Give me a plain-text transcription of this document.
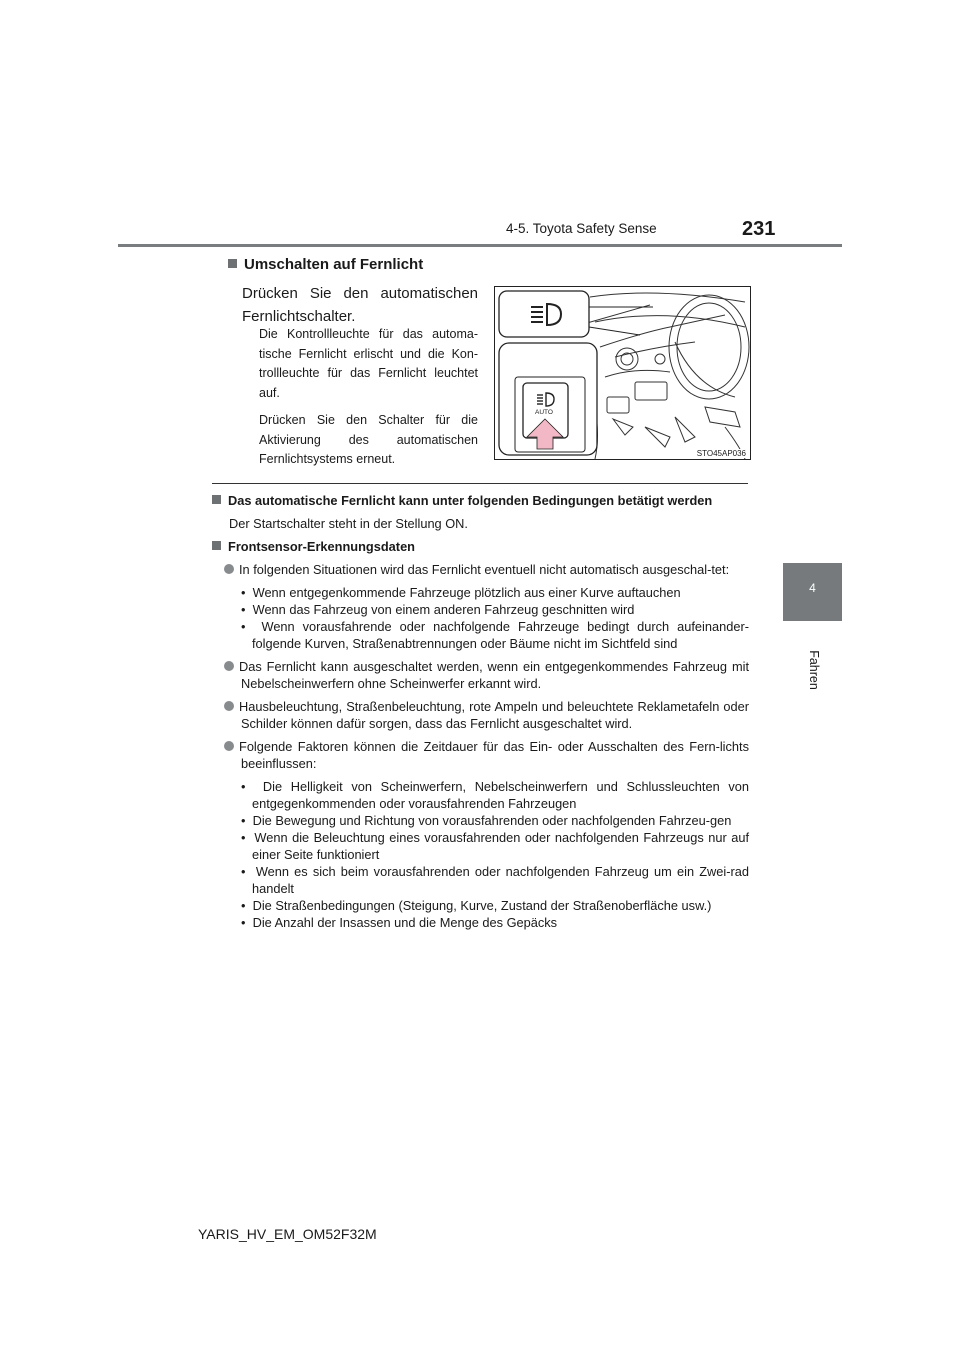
4-5. Toyota Safety Sense	231
4
Fahren
Umschalten auf Fernlicht
Drücken Sie den automatischen Fernlichtschalter.
Die Kontrollleuchte für das automa-tische Fernlicht erlischt und die Kon-trollleuchte für das Fernlicht leuchtet auf.
Drücken Sie den Schalter für die Aktivierung des automatischen Fernlichtsystems erneut.
AUTO
STO45AP036
Das automatische Fernlicht kann unter folgenden Bedingungen betätigt werden
Der Startschalter steht in der Stellung ON.
Frontsensor-Erkennungsdaten
In folgenden Situationen wird das Fernlicht eventuell nicht automatisch ausgeschal-tet:
•  Wenn entgegenkommende Fahrzeuge plötzlich aus einer Kurve auftauchen
•  Wenn das Fahrzeug von einem anderen Fahrzeug geschnitten wird
•  Wenn vorausfahrende oder nachfolgende Fahrzeuge bedingt durch aufeinander-folgende Kurven, Straßenabtrennungen oder Bäume nicht im Sichtfeld sind
Das Fernlicht kann ausgeschaltet werden, wenn ein entgegenkommendes Fahrzeug mit Nebelscheinwerfern ohne Scheinwerfer erkannt wird.
Hausbeleuchtung, Straßenbeleuchtung, rote Ampeln und beleuchtete Reklametafeln oder Schilder können dafür sorgen, dass das Fernlicht ausgeschaltet wird.
Folgende Faktoren können die Zeitdauer für das Ein- oder Ausschalten des Fern-lichts beeinflussen:
•  Die Helligkeit von Scheinwerfern, Nebelscheinwerfern und Schlussleuchten von entgegenkommenden oder vorausfahrenden Fahrzeugen
•  Die Bewegung und Richtung von vorausfahrenden oder nachfolgenden Fahrzeu-gen
•  Wenn die Beleuchtung eines vorausfahrenden oder nachfolgenden Fahrzeugs nur auf einer Seite funktioniert
•  Wenn es sich beim vorausfahrenden oder nachfolgenden Fahrzeug um ein Zwei-rad handelt
•  Die Straßenbedingungen (Steigung, Kurve, Zustand der Straßenoberfläche usw.)
•  Die Anzahl der Insassen und die Menge des Gepäcks
YARIS_HV_EM_OM52F32M
